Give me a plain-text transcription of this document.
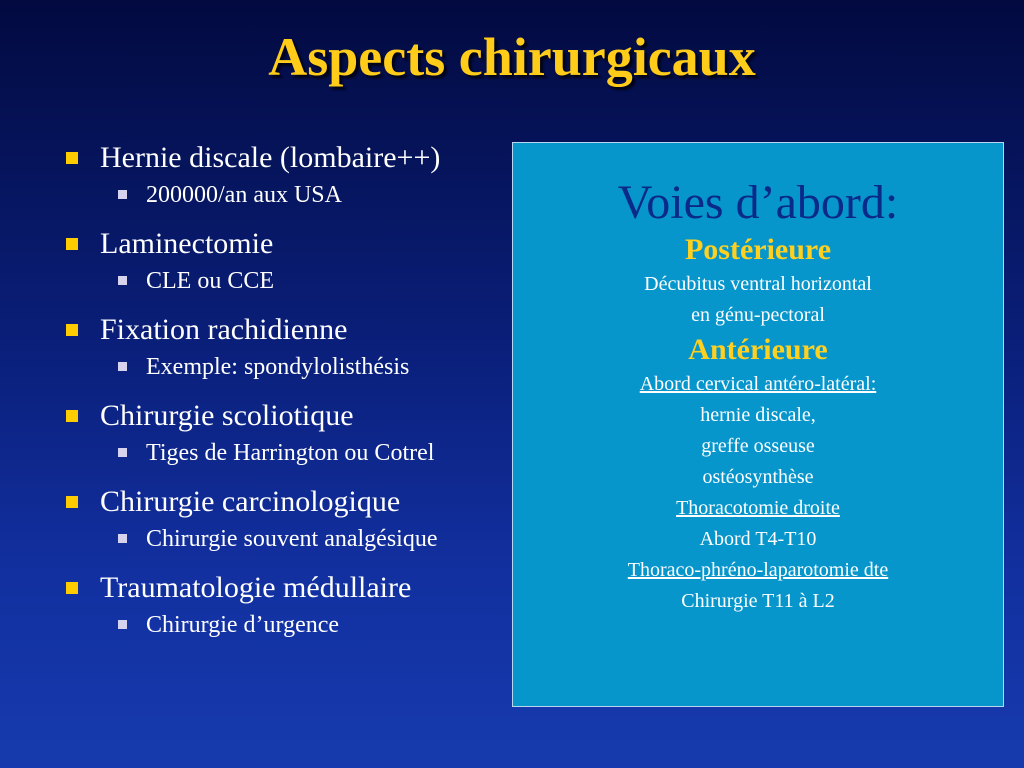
Aspects chirurgicaux
Hernie discale (lombaire++)
200000/an aux USA
Laminectomie
CLE ou CCE
Fixation rachidienne
Exemple: spondylolisthésis
Chirurgie scoliotique
Tiges de Harrington ou Cotrel
Chirurgie carcinologique
Chirurgie souvent analgésique
Traumatologie médullaire
Chirurgie d’urgence
Voies d’abord:
Postérieure
Décubitus ventral horizontal
en génu-pectoral
Antérieure
Abord cervical antéro-latéral:
hernie discale,
greffe osseuse
ostéosynthèse
Thoracotomie droite
Abord T4-T10
Thoraco-phréno-laparotomie dte
Chirurgie T11 à L2
